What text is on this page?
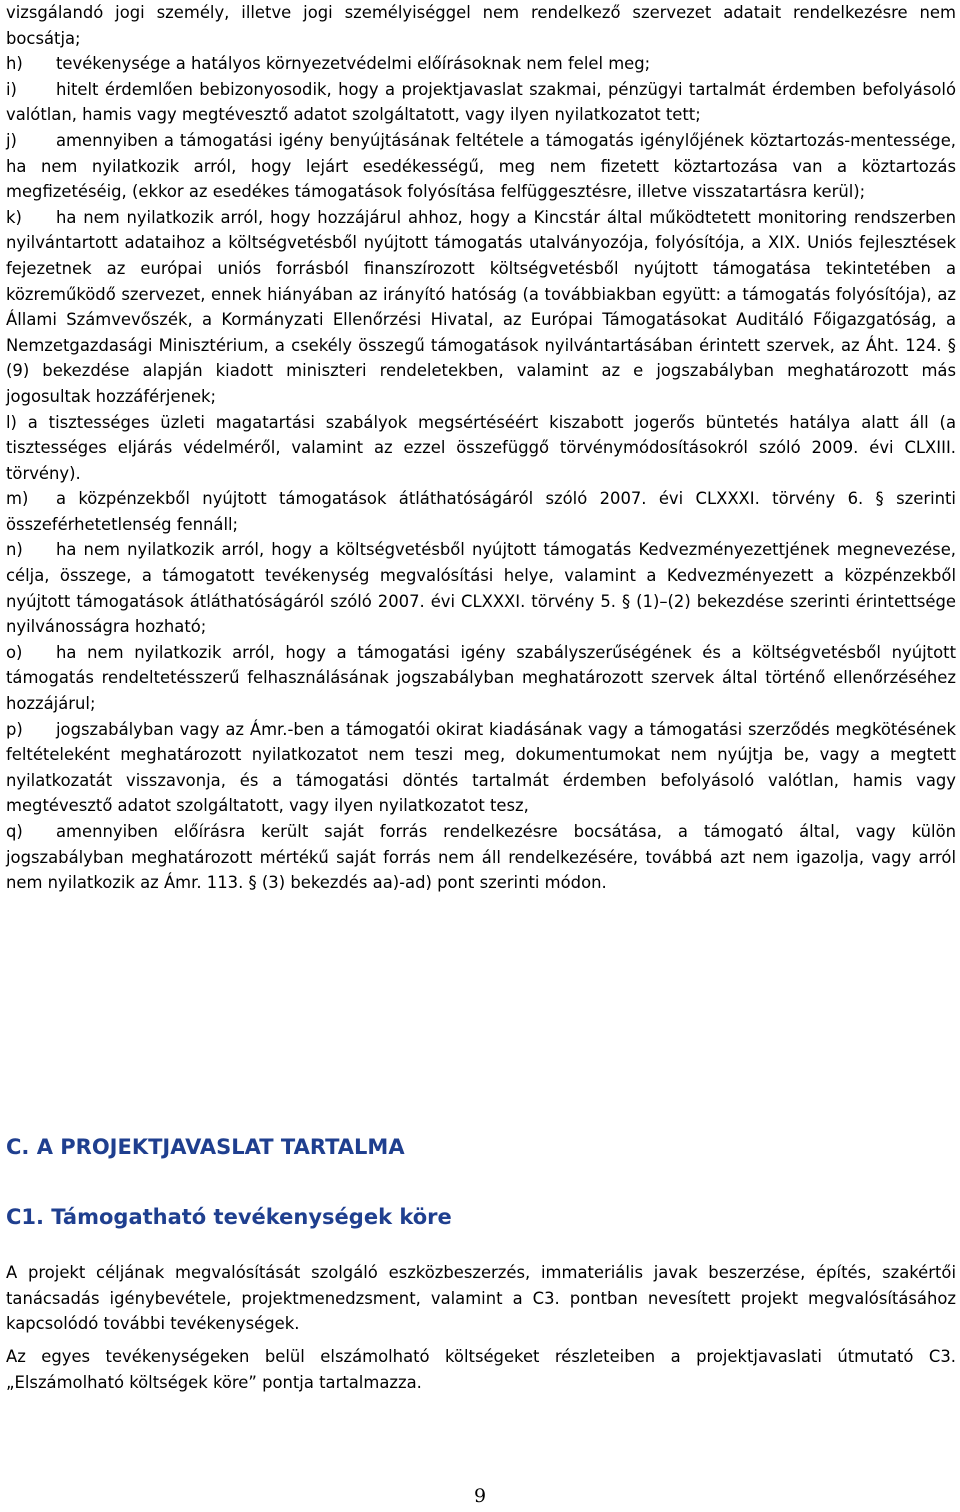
vizsgálandó jogi személy, illetve jogi személyiséggel nem rendelkező szervezet adatait rendelkezésre nem bocsátja;

h) tevékenysége a hatályos környezetvédelmi előírásoknak nem felel meg;

i) hitelt érdemlően bebizonyosodik, hogy a projektjavaslat szakmai, pénzügyi tartalmát érdemben befolyásoló valótlan, hamis vagy megtévesztő adatot szolgáltatott, vagy ilyen nyilatkozatot tett;

j) amennyiben a támogatási igény benyújtásának feltétele a támogatás igénylőjének köztartozás-mentessége, ha nem nyilatkozik arról, hogy lejárt esedékességű, meg nem fizetett köztartozása van a köztartozás megfizetéséig, (ekkor az esedékes támogatások folyósítása felfüggesztésre, illetve visszatartásra kerül);

k) ha nem nyilatkozik arról, hogy hozzájárul ahhoz, hogy a Kincstár által működtetett monitoring rendszerben nyilvántartott adataihoz a költségvetésből nyújtott támogatás utalványozója, folyósítója, a XIX. Uniós fejlesztések fejezetnek az európai uniós forrásból finanszírozott költségvetésből nyújtott támogatása tekintetében a közreműködő szervezet, ennek hiányában az irányító hatóság (a továbbiakban együtt: a támogatás folyósítója), az Állami Számvevőszék, a Kormányzati Ellenőrzési Hivatal, az Európai Támogatásokat Auditáló Főigazgatóság, a Nemzetgazdasági Minisztérium, a csekély összegű támogatások nyilvántartásában érintett szervek, az Áht. 124. § (9) bekezdése alapján kiadott miniszteri rendeletekben, valamint az e jogszabályban meghatározott más jogosultak hozzáférjenek;

l) a tisztességes üzleti magatartási szabályok megsértéséért kiszabott jogerős büntetés hatálya alatt áll (a tisztességes eljárás védelméről, valamint az ezzel összefüggő törvénymódosításokról szóló 2009. évi CLXIII. törvény).

m) a közpénzekből nyújtott támogatások átláthatóságáról szóló 2007. évi CLXXXI. törvény 6. § szerinti összeférhetetlenség fennáll;

n) ha nem nyilatkozik arról, hogy a költségvetésből nyújtott támogatás Kedvezményezettjének megnevezése, célja, összege, a támogatott tevékenység megvalósítási helye, valamint a Kedvezményezett a közpénzekből nyújtott támogatások átláthatóságáról szóló 2007. évi CLXXXI. törvény 5. § (1)–(2) bekezdése szerinti érintettsége nyilvánosságra hozható;

o) ha nem nyilatkozik arról, hogy a támogatási igény szabályszerűségének és a költségvetésből nyújtott támogatás rendeltetésszerű felhasználásának jogszabályban meghatározott szervek által történő ellenőrzéséhez hozzájárul;

p) jogszabályban vagy az Ámr.-ben a támogatói okirat kiadásának vagy a támogatási szerződés megkötésének feltételeként meghatározott nyilatkozatot nem teszi meg, dokumentumokat nem nyújtja be, vagy a megtett nyilatkozatát visszavonja, és a támogatási döntés tartalmát érdemben befolyásoló valótlan, hamis vagy megtévesztő adatot szolgáltatott, vagy ilyen nyilatkozatot tesz,

q) amennyiben előírásra került saját forrás rendelkezésre bocsátása, a támogató által, vagy külön jogszabályban meghatározott mértékű saját forrás nem áll rendelkezésére, továbbá azt nem igazolja, vagy arról nem nyilatkozik az Ámr. 113. § (3) bekezdés aa)-ad) pont szerinti módon.

C. A PROJEKTJAVASLAT TARTALMA
C1. Támogatható tevékenységek köre

A projekt céljának megvalósítását szolgáló eszközbeszerzés, immateriális javak beszerzése, építés, szakértői tanácsadás igénybevétele, projektmenedzsment, valamint a C3. pontban nevesített projekt megvalósításához kapcsolódó további tevékenységek.

Az egyes tevékenységeken belül elszámolható költségeket részleteiben a projektjavaslati útmutató C3. „Elszámolható költségek köre” pontja tartalmazza.

9
